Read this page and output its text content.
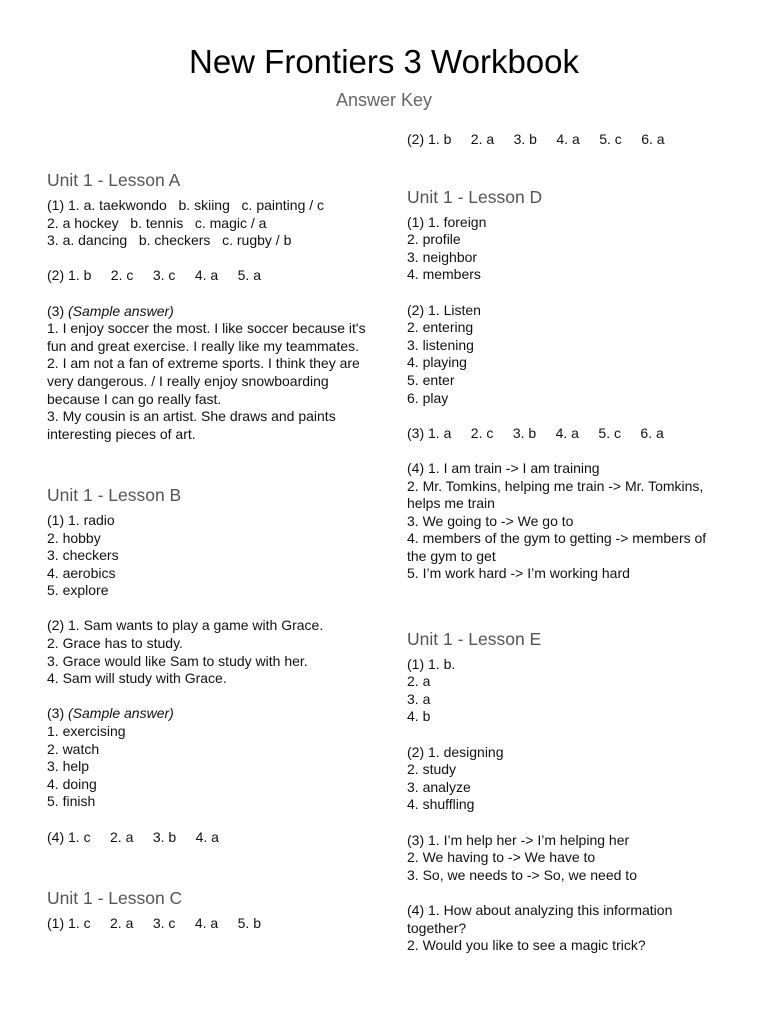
New Frontiers 3 Workbook
Answer Key
Unit 1 - Lesson A
(1) 1. a. taekwondo   b. skiing   c. painting / c
2. a hockey   b. tennis   c. magic / a
3. a. dancing   b. checkers   c. rugby / b
(2) 1. b     2. c     3. c     4. a     5. a
(3) (Sample answer)
1. I enjoy soccer the most. I like soccer because it's fun and great exercise. I really like my teammates.
2. I am not a fan of extreme sports. I think they are very dangerous. / I really enjoy snowboarding because I can go really fast.
3. My cousin is an artist. She draws and paints interesting pieces of art.
Unit 1 - Lesson B
(1) 1. radio
2. hobby
3. checkers
4. aerobics
5. explore
(2) 1. Sam wants to play a game with Grace.
2. Grace has to study.
3. Grace would like Sam to study with her.
4. Sam will study with Grace.
(3) (Sample answer)
1. exercising
2. watch
3. help
4. doing
5. finish
(4) 1. c     2. a     3. b     4. a
Unit 1 - Lesson C
(1) 1. c     2. a     3. c     4. a     5. b
(2) 1. b     2. a     3. b     4. a     5. c     6. a
Unit 1 - Lesson D
(1) 1. foreign
2. profile
3. neighbor
4. members
(2) 1. Listen
2. entering
3. listening
4. playing
5. enter
6. play
(3) 1. a     2. c     3. b     4. a     5. c     6. a
(4) 1. I am train -> I am training
2. Mr. Tomkins, helping me train -> Mr. Tomkins, helps me train
3. We going to -> We go to
4. members of the gym to getting -> members of the gym to get
5. I’m work hard -> I’m working hard
Unit 1 - Lesson E
(1) 1. b.
2. a
3. a
4. b
(2) 1. designing
2. study
3. analyze
4. shuffling
(3) 1. I’m help her -> I’m helping her
2. We having to -> We have to
3. So, we needs to -> So, we need to
(4) 1. How about analyzing this information together?
2. Would you like to see a magic trick?
